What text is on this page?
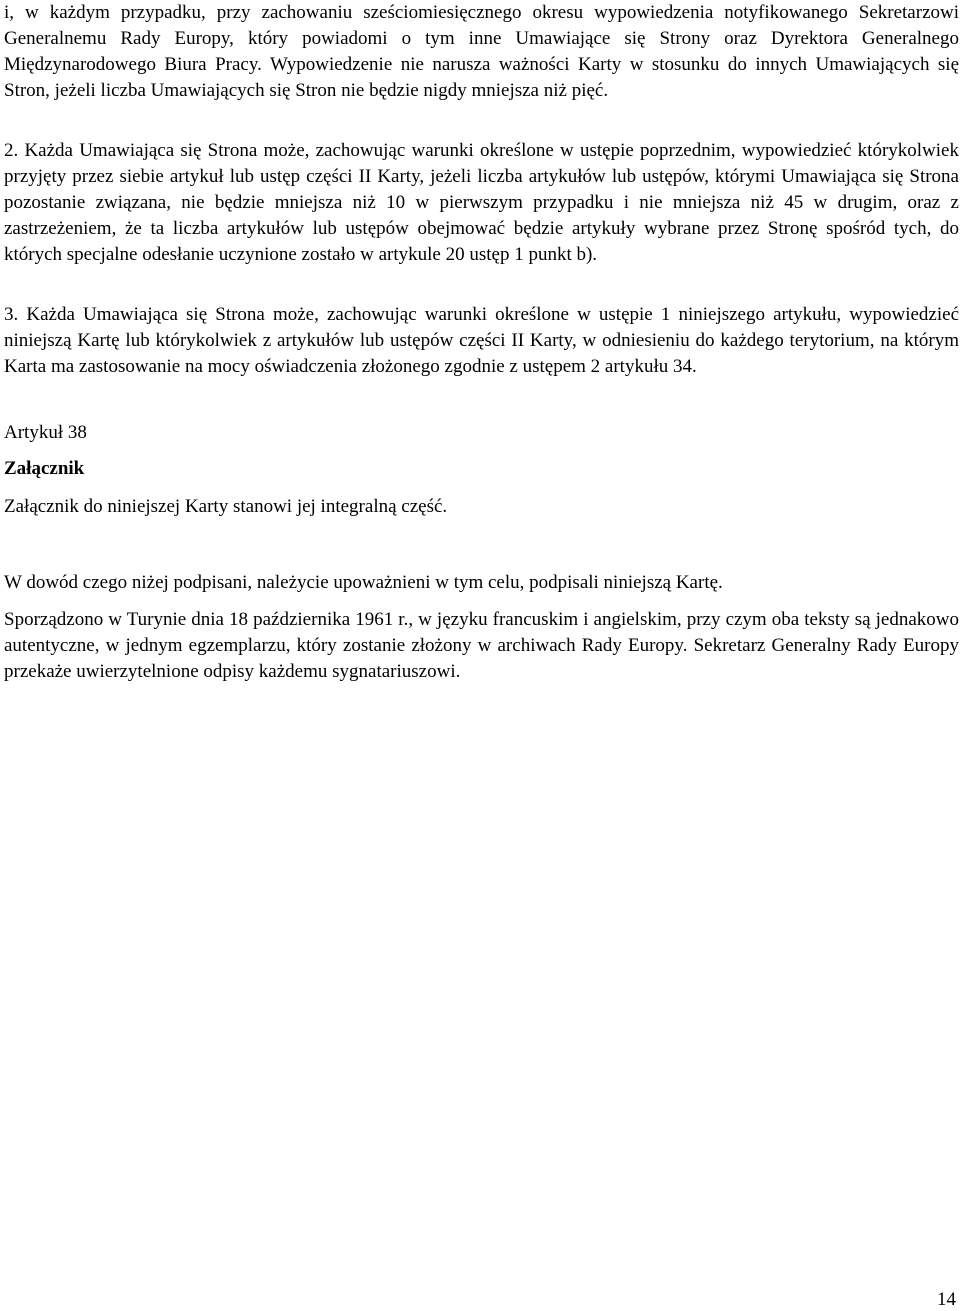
i, w każdym przypadku, przy zachowaniu sześciomiesięcznego okresu wypowiedzenia notyfikowanego Sekretarzowi Generalnemu Rady Europy, który powiadomi o tym inne Umawiające się Strony oraz Dyrektora Generalnego Międzynarodowego Biura Pracy. Wypowiedzenie nie narusza ważności Karty w stosunku do innych Umawiających się Stron, jeżeli liczba Umawiających się Stron nie będzie nigdy mniejsza niż pięć.

2. Każda Umawiająca się Strona może, zachowując warunki określone w ustępie poprzednim, wypowiedzieć którykolwiek przyjęty przez siebie artykuł lub ustęp części II Karty, jeżeli liczba artykułów lub ustępów, którymi Umawiająca się Strona pozostanie związana, nie będzie mniejsza niż 10 w pierwszym przypadku i nie mniejsza niż 45 w drugim, oraz z zastrzeżeniem, że ta liczba artykułów lub ustępów obejmować będzie artykuły wybrane przez Stronę spośród tych, do których specjalne odesłanie uczynione zostało w artykule 20 ustęp 1 punkt b).

3. Każda Umawiająca się Strona może, zachowując warunki określone w ustępie 1 niniejszego artykułu, wypowiedzieć niniejszą Kartę lub którykolwiek z artykułów lub ustępów części II Karty, w odniesieniu do każdego terytorium, na którym Karta ma zastosowanie na mocy oświadczenia złożonego zgodnie z ustępem 2 artykułu 34.

Artykuł 38

Załącznik

Załącznik do niniejszej Karty stanowi jej integralną część.

W dowód czego niżej podpisani, należycie upoważnieni w tym celu, podpisali niniejszą Kartę.

Sporządzono w Turynie dnia 18 października 1961 r., w języku francuskim i angielskim, przy czym oba teksty są jednakowo autentyczne, w jednym egzemplarzu, który zostanie złożony w archiwach Rady Europy. Sekretarz Generalny Rady Europy przekaże uwierzytelnione odpisy każdemu sygnatariuszowi.

14
